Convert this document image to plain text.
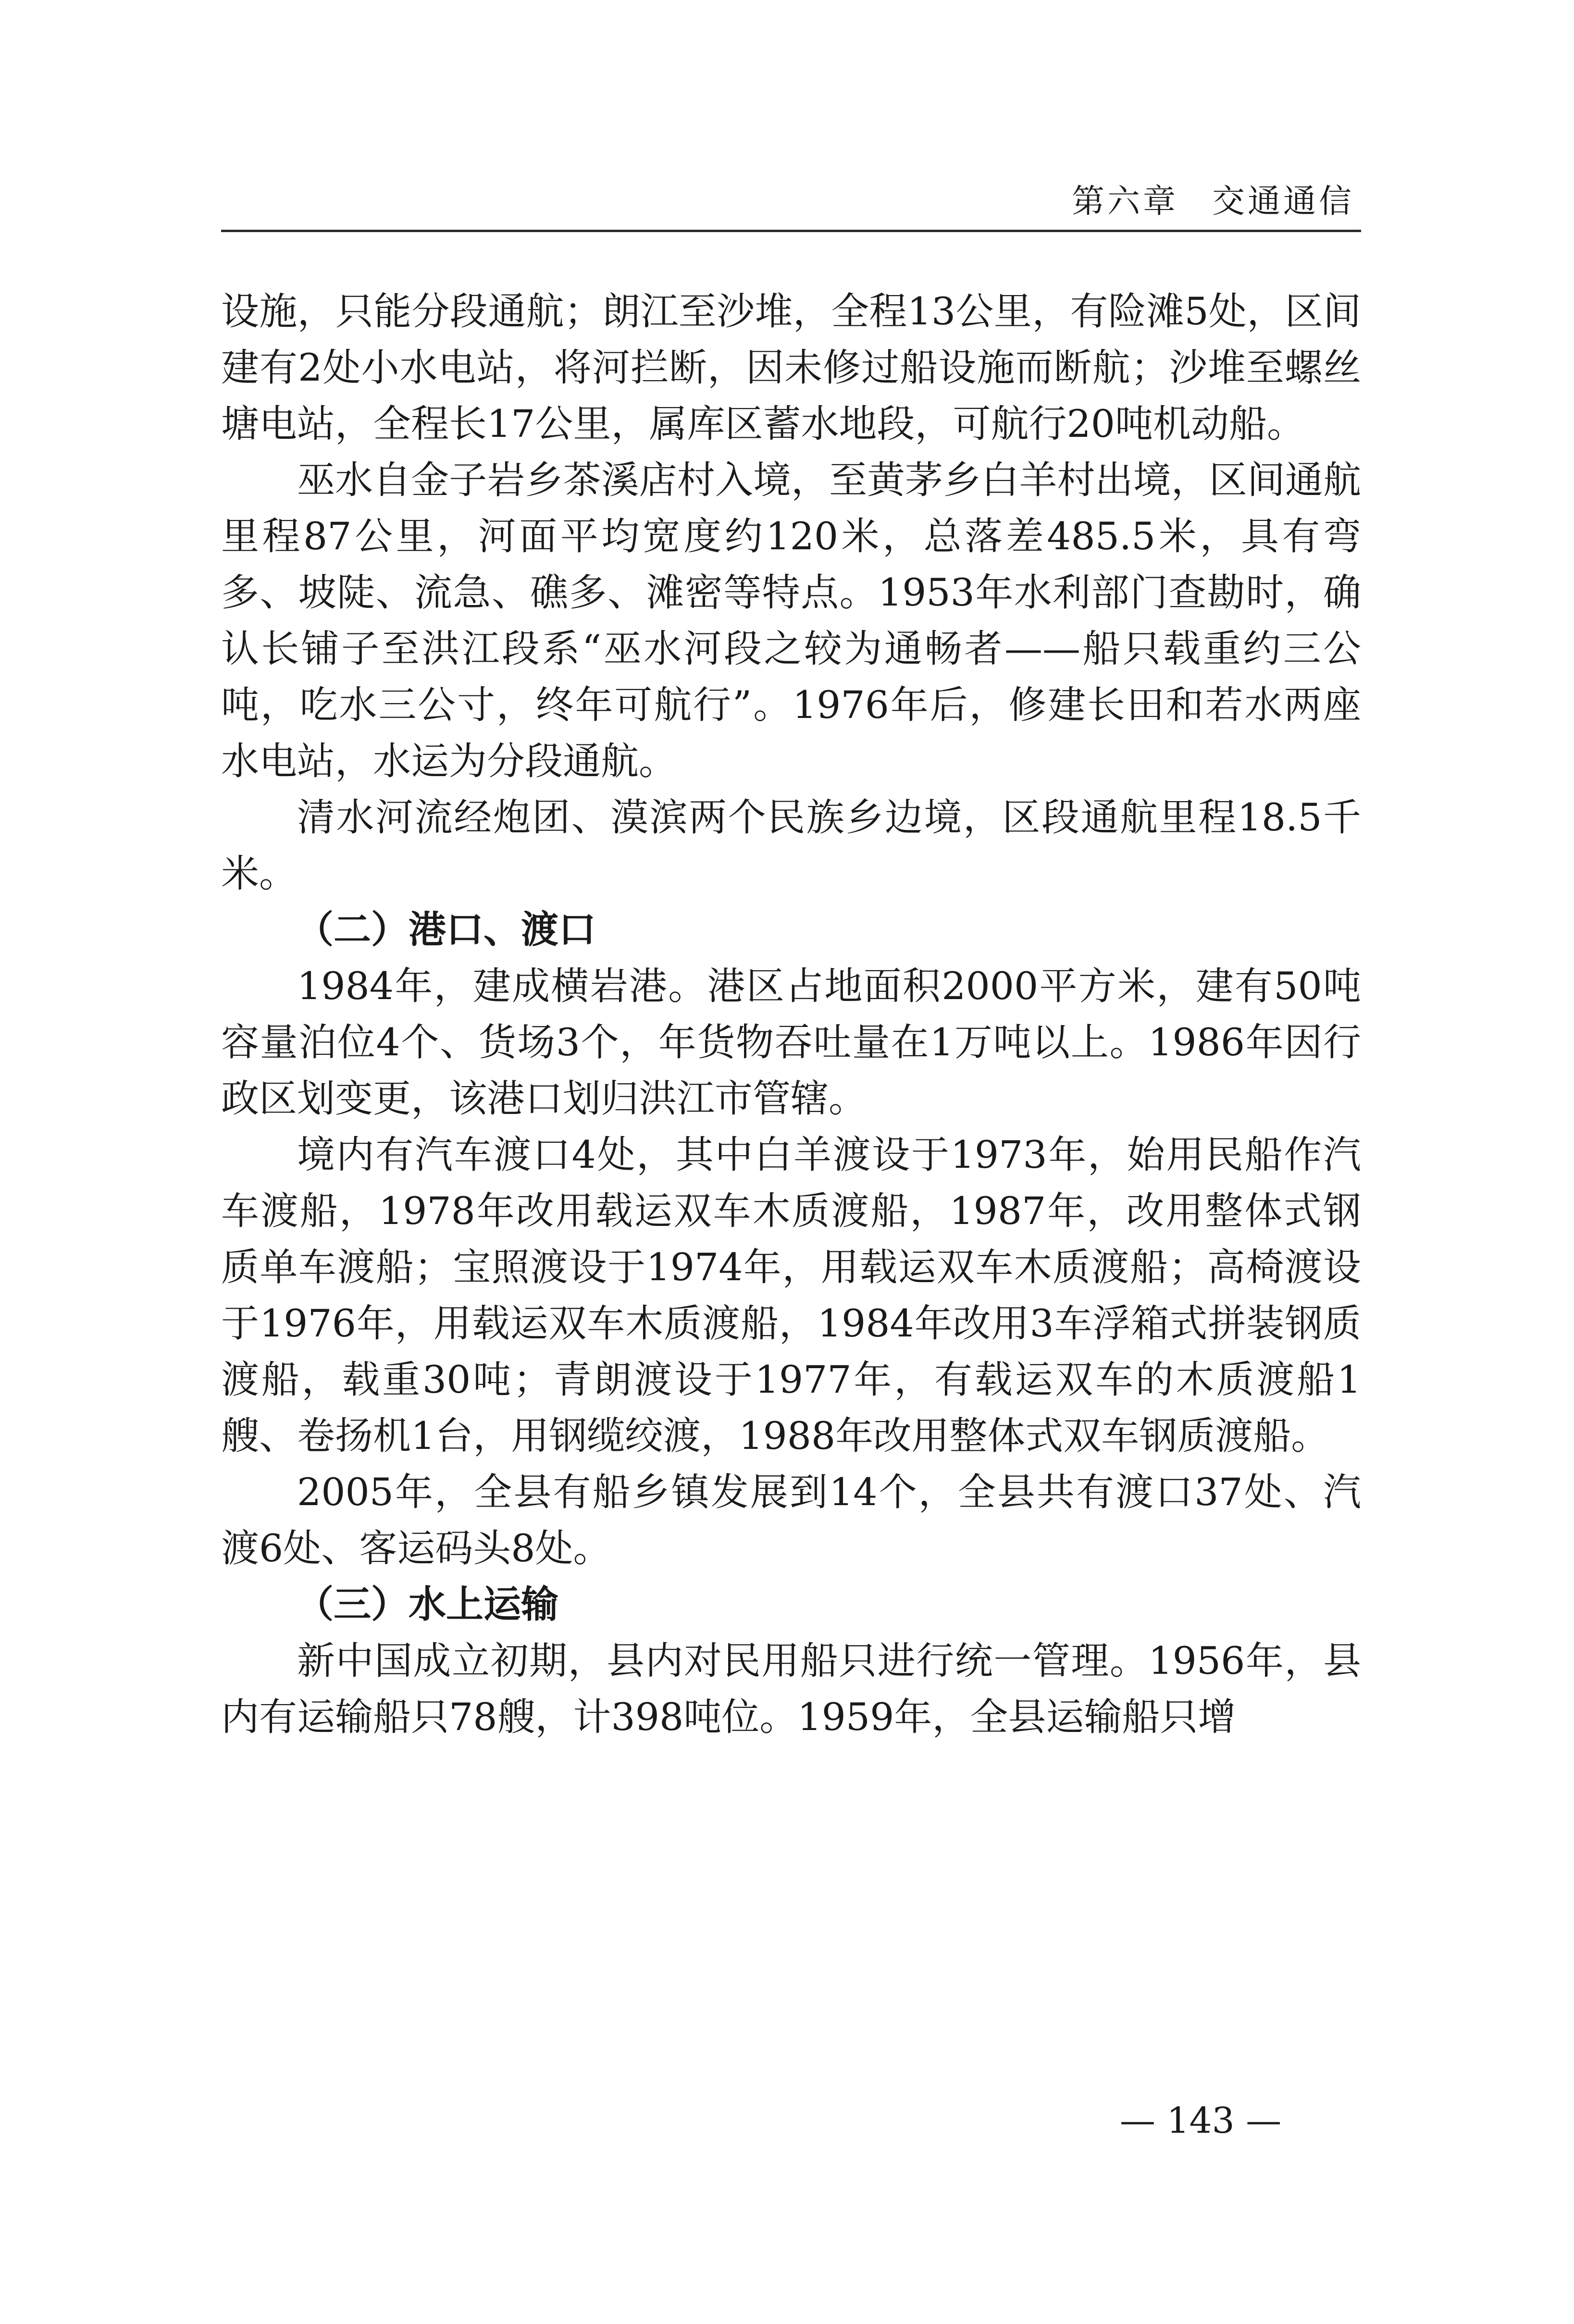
第六章 交通通信

设施，只能分段通航；朗江至沙堆，全程13公里，有险滩5处，区间建有2处小水电站，将河拦断，因未修过船设施而断航；沙堆至螺丝塘电站，全程长17公里，属库区蓄水地段，可航行20吨机动船。

巫水自金子岩乡茶溪店村入境，至黄茅乡白羊村出境，区间通航里程87公里，河面平均宽度约120米，总落差485.5米，具有弯多、坡陡、流急、礁多、滩密等特点。1953年水利部门查勘时，确认长铺子至洪江段系“巫水河段之较为通畅者——船只载重约三公吨，吃水三公寸，终年可航行”。1976年后，修建长田和若水两座水电站，水运为分段通航。

清水河流经炮团、漠滨两个民族乡边境，区段通航里程18.5千米。

（二）港口、渡口

1984年，建成横岩港。港区占地面积2000平方米，建有50吨容量泊位4个、货场3个，年货物吞吐量在1万吨以上。1986年因行政区划变更，该港口划归洪江市管辖。

境内有汽车渡口4处，其中白羊渡设于1973年，始用民船作汽车渡船，1978年改用载运双车木质渡船，1987年，改用整体式钢质单车渡船；宝照渡设于1974年，用载运双车木质渡船；高椅渡设于1976年，用载运双车木质渡船，1984年改用3车浮箱式拼装钢质渡船，载重30吨；青朗渡设于1977年，有载运双车的木质渡船1艘、卷扬机1台，用钢缆绞渡，1988年改用整体式双车钢质渡船。

2005年，全县有船乡镇发展到14个，全县共有渡口37处、汽渡6处、客运码头8处。

（三）水上运输

新中国成立初期，县内对民用船只进行统一管理。1956年，县内有运输船只78艘，计398吨位。1959年，全县运输船只增

— 143 —
